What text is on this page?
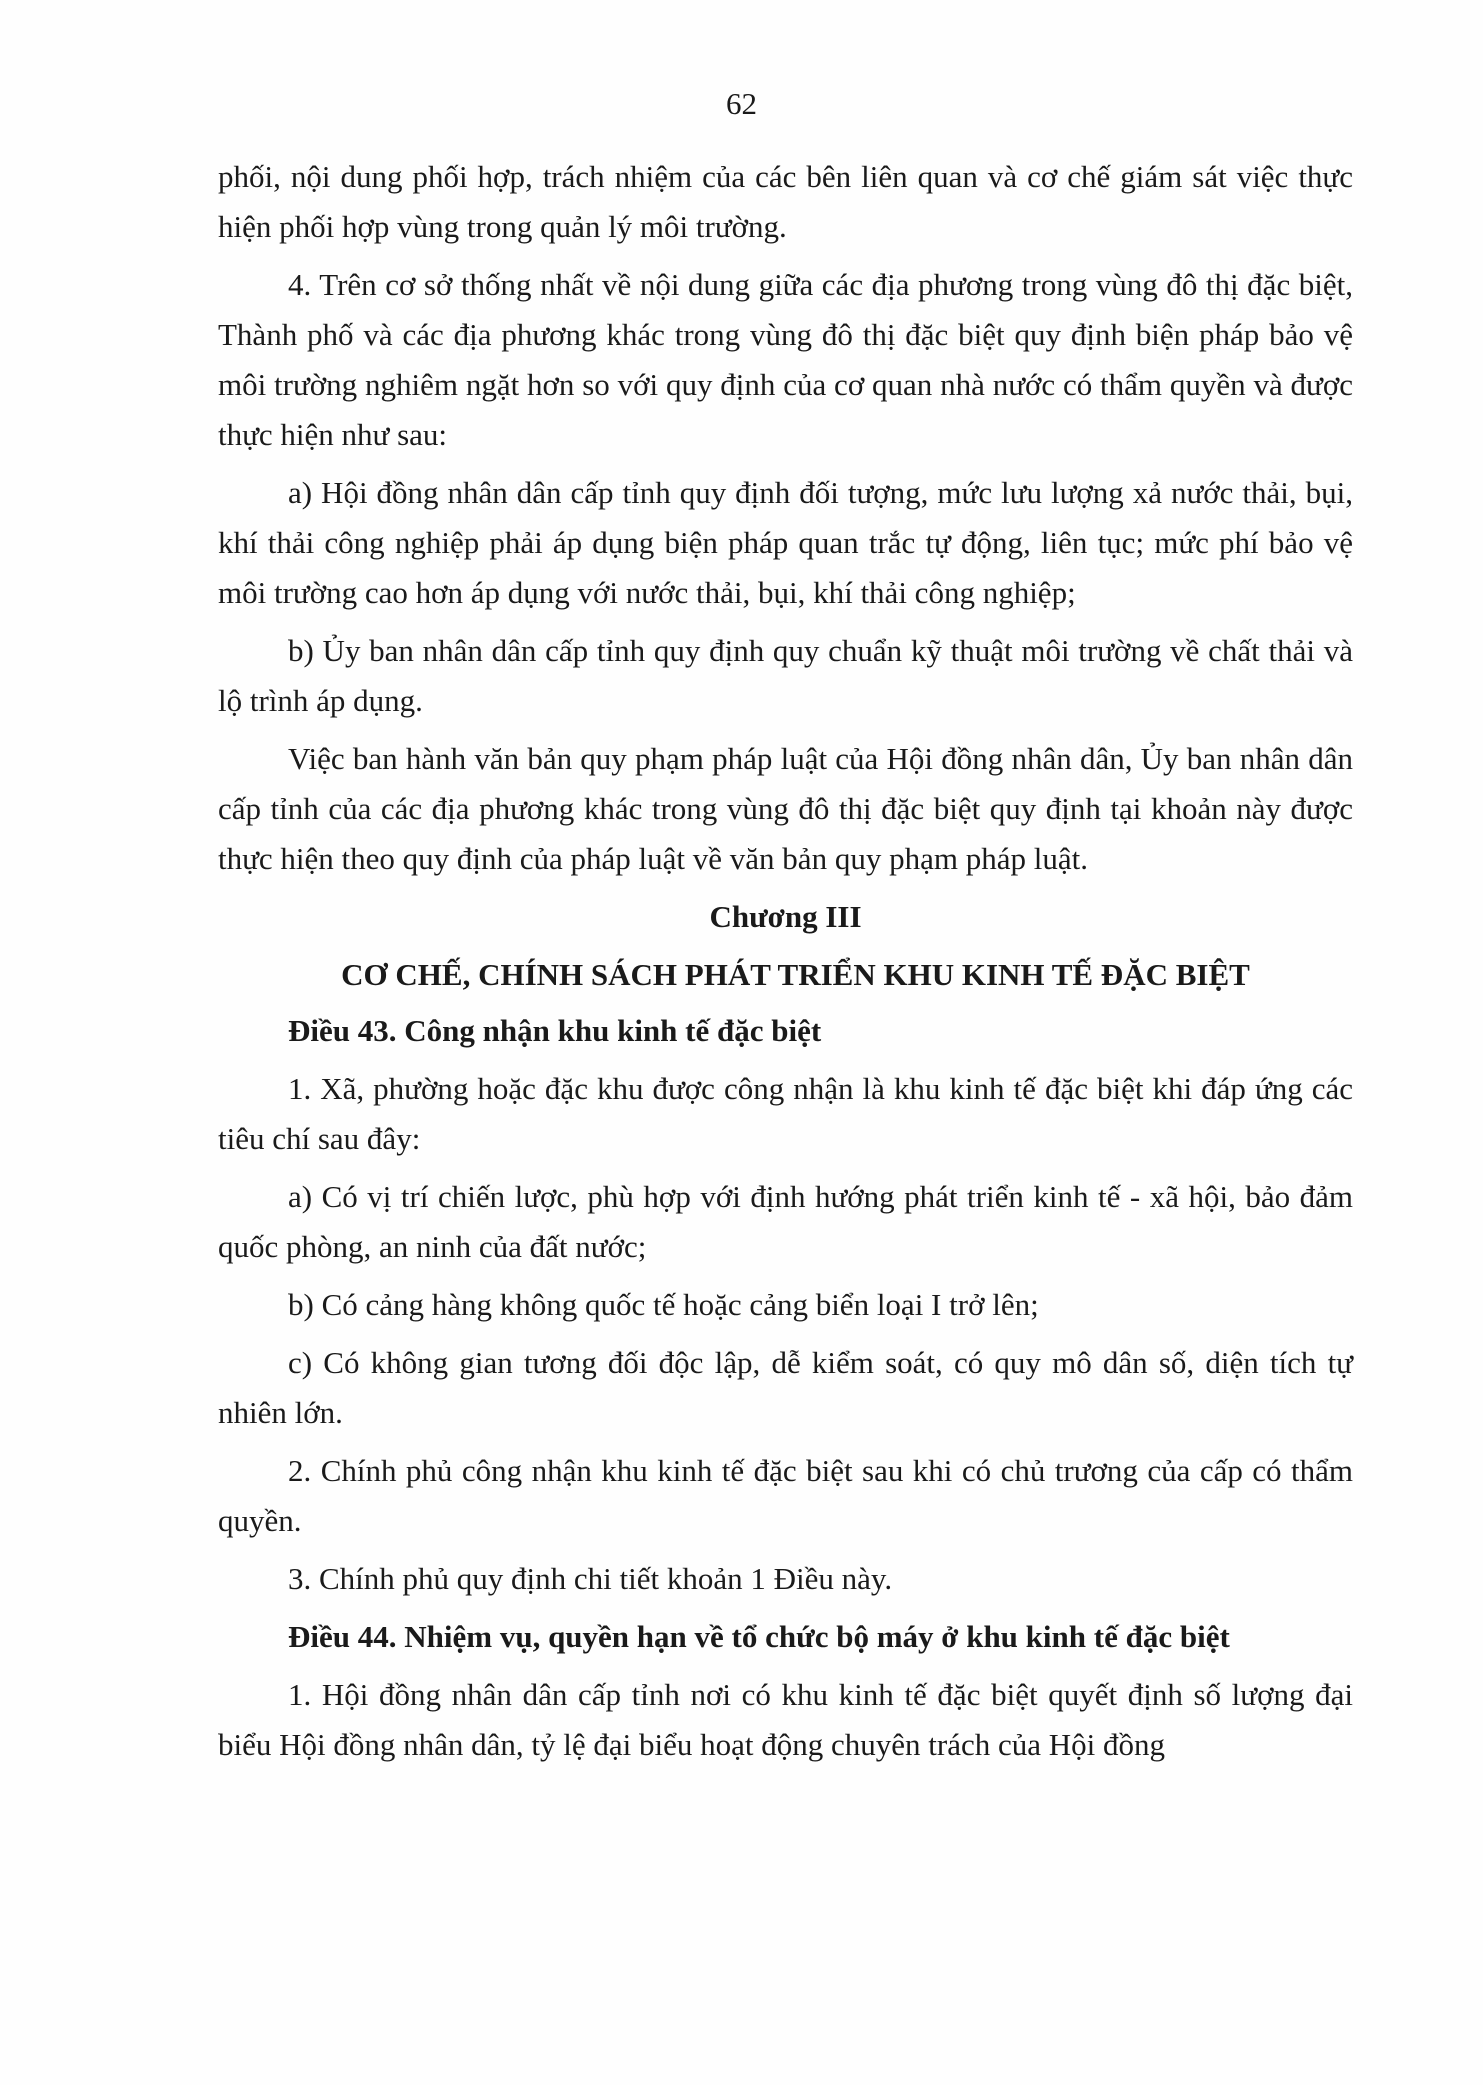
62

phối, nội dung phối hợp, trách nhiệm của các bên liên quan và cơ chế giám sát việc thực hiện phối hợp vùng trong quản lý môi trường.

4. Trên cơ sở thống nhất về nội dung giữa các địa phương trong vùng đô thị đặc biệt, Thành phố và các địa phương khác trong vùng đô thị đặc biệt quy định biện pháp bảo vệ môi trường nghiêm ngặt hơn so với quy định của cơ quan nhà nước có thẩm quyền và được thực hiện như sau:

a) Hội đồng nhân dân cấp tỉnh quy định đối tượng, mức lưu lượng xả nước thải, bụi, khí thải công nghiệp phải áp dụng biện pháp quan trắc tự động, liên tục; mức phí bảo vệ môi trường cao hơn áp dụng với nước thải, bụi, khí thải công nghiệp;

b) Ủy ban nhân dân cấp tỉnh quy định quy chuẩn kỹ thuật môi trường về chất thải và lộ trình áp dụng.

Việc ban hành văn bản quy phạm pháp luật của Hội đồng nhân dân, Ủy ban nhân dân cấp tỉnh của các địa phương khác trong vùng đô thị đặc biệt quy định tại khoản này được thực hiện theo quy định của pháp luật về văn bản quy phạm pháp luật.

Chương III
CƠ CHẾ, CHÍNH SÁCH PHÁT TRIỂN KHU KINH TẾ ĐẶC BIỆT
Điều 43. Công nhận khu kinh tế đặc biệt

1. Xã, phường hoặc đặc khu được công nhận là khu kinh tế đặc biệt khi đáp ứng các tiêu chí sau đây:

a) Có vị trí chiến lược, phù hợp với định hướng phát triển kinh tế - xã hội, bảo đảm quốc phòng, an ninh của đất nước;

b) Có cảng hàng không quốc tế hoặc cảng biển loại I trở lên;

c) Có không gian tương đối độc lập, dễ kiểm soát, có quy mô dân số, diện tích tự nhiên lớn.

2. Chính phủ công nhận khu kinh tế đặc biệt sau khi có chủ trương của cấp có thẩm quyền.

3. Chính phủ quy định chi tiết khoản 1 Điều này.

Điều 44. Nhiệm vụ, quyền hạn về tổ chức bộ máy ở khu kinh tế đặc biệt

1. Hội đồng nhân dân cấp tỉnh nơi có khu kinh tế đặc biệt quyết định số lượng đại biểu Hội đồng nhân dân, tỷ lệ đại biểu hoạt động chuyên trách của Hội đồng
